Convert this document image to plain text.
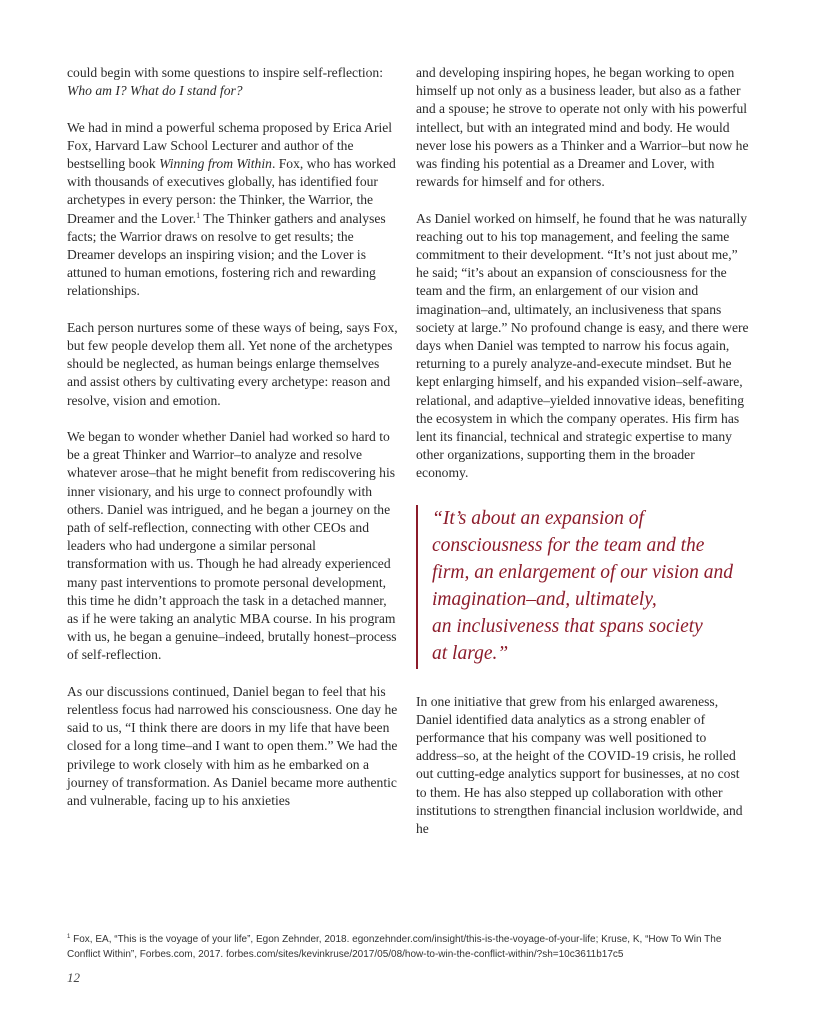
could begin with some questions to inspire self-reflection: Who am I? What do I stand for?

We had in mind a powerful schema proposed by Erica Ariel Fox, Harvard Law School Lecturer and author of the bestselling book Winning from Within. Fox, who has worked with thousands of executives globally, has identified four archetypes in every person: the Thinker, the Warrior, the Dreamer and the Lover.$^1$ The Thinker gathers and analyses facts; the Warrior draws on resolve to get results; the Dreamer develops an inspiring vision; and the Lover is attuned to human emotions, fostering rich and rewarding relationships.

Each person nurtures some of these ways of being, says Fox, but few people develop them all. Yet none of the archetypes should be neglected, as human beings enlarge themselves and assist others by cultivating every archetype: reason and resolve, vision and emotion.

We began to wonder whether Daniel had worked so hard to be a great Thinker and Warrior–to analyze and resolve whatever arose–that he might benefit from rediscovering his inner visionary, and his urge to connect profoundly with others. Daniel was intrigued, and he began a journey on the path of self-reflection, connecting with other CEOs and leaders who had undergone a similar personal transformation with us. Though he had already experienced many past interventions to promote personal development, this time he didn’t approach the task in a detached manner, as if he were taking an analytic MBA course. In his program with us, he began a genuine–indeed, brutally honest–process of self-reflection.

As our discussions continued, Daniel began to feel that his relentless focus had narrowed his consciousness. One day he said to us, “I think there are doors in my life that have been closed for a long time–and I want to open them.” We had the privilege to work closely with him as he embarked on a journey of transformation. As Daniel became more authentic and vulnerable, facing up to his anxieties

and developing inspiring hopes, he began working to open himself up not only as a business leader, but also as a father and a spouse; he strove to operate not only with his powerful intellect, but with an integrated mind and body. He would never lose his powers as a Thinker and a Warrior–but now he was finding his potential as a Dreamer and Lover, with rewards for himself and for others.

As Daniel worked on himself, he found that he was naturally reaching out to his top management, and feeling the same commitment to their development. “It’s not just about me,” he said; “it’s about an expansion of consciousness for the team and the firm, an enlargement of our vision and imagination–and, ultimately, an inclusiveness that spans society at large.” No profound change is easy, and there were days when Daniel was tempted to narrow his focus again, returning to a purely analyze-and-execute mindset. But he kept enlarging himself, and his expanded vision–self-aware, relational, and adaptive–yielded innovative ideas, benefiting the ecosystem in which the company operates. His firm has lent its financial, technical and strategic expertise to many other organizations, supporting them in the broader economy.

“It’s about an expansion of
consciousness for the team and the
firm, an enlargement of our vision and
imagination–and, ultimately,
an inclusiveness that spans society
at large.”

In one initiative that grew from his enlarged awareness, Daniel identified data analytics as a strong enabler of performance that his company was well positioned to address–so, at the height of the COVID-19 crisis, he rolled out cutting-edge analytics support for businesses, at no cost to them. He has also stepped up collaboration with other institutions to strengthen financial inclusion worldwide, and he

$^1$ Fox, EA, “This is the voyage of your life”, Egon Zehnder, 2018. egonzehnder.com/insight/this-is-the-voyage-of-your-life; Kruse, K, “How To Win The Conflict Within”, Forbes.com, 2017. forbes.com/sites/kevinkruse/2017/05/08/how-to-win-the-conflict-within/?sh=10c3611b17c5
12
